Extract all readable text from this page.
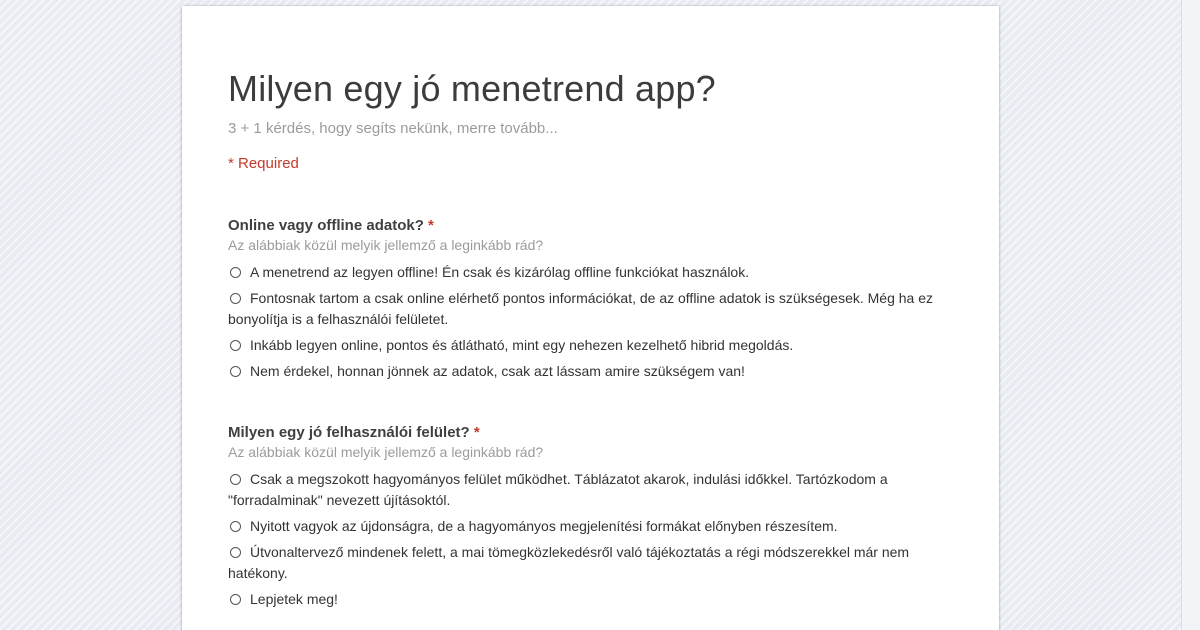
Milyen egy jó menetrend app?
3 + 1 kérdés, hogy segíts nekünk, merre tovább...
* Required
Online vagy offline adatok? *
Az alábbiak közül melyik jellemző a leginkább rád?
A menetrend az legyen offline! Én csak és kizárólag offline funkciókat használok.
Fontosnak tartom a csak online elérhető pontos információkat, de az offline adatok is szükségesek. Még ha ez bonyolítja is a felhasználói felületet.
Inkább legyen online, pontos és átlátható, mint egy nehezen kezelhető hibrid megoldás.
Nem érdekel, honnan jönnek az adatok, csak azt lássam amire szükségem van!
Milyen egy jó felhasználói felület? *
Az alábbiak közül melyik jellemző a leginkább rád?
Csak a megszokott hagyományos felület működhet. Táblázatot akarok, indulási időkkel. Tartózkodom a "forradalminak" nevezett újításoktól.
Nyitott vagyok az újdonságra, de a hagyományos megjelenítési formákat előnyben részesítem.
Útvonaltervező mindenek felett, a mai tömegközlekedésről való tájékoztatás a régi módszerekkel már nem hatékony.
Lepjetek meg!
